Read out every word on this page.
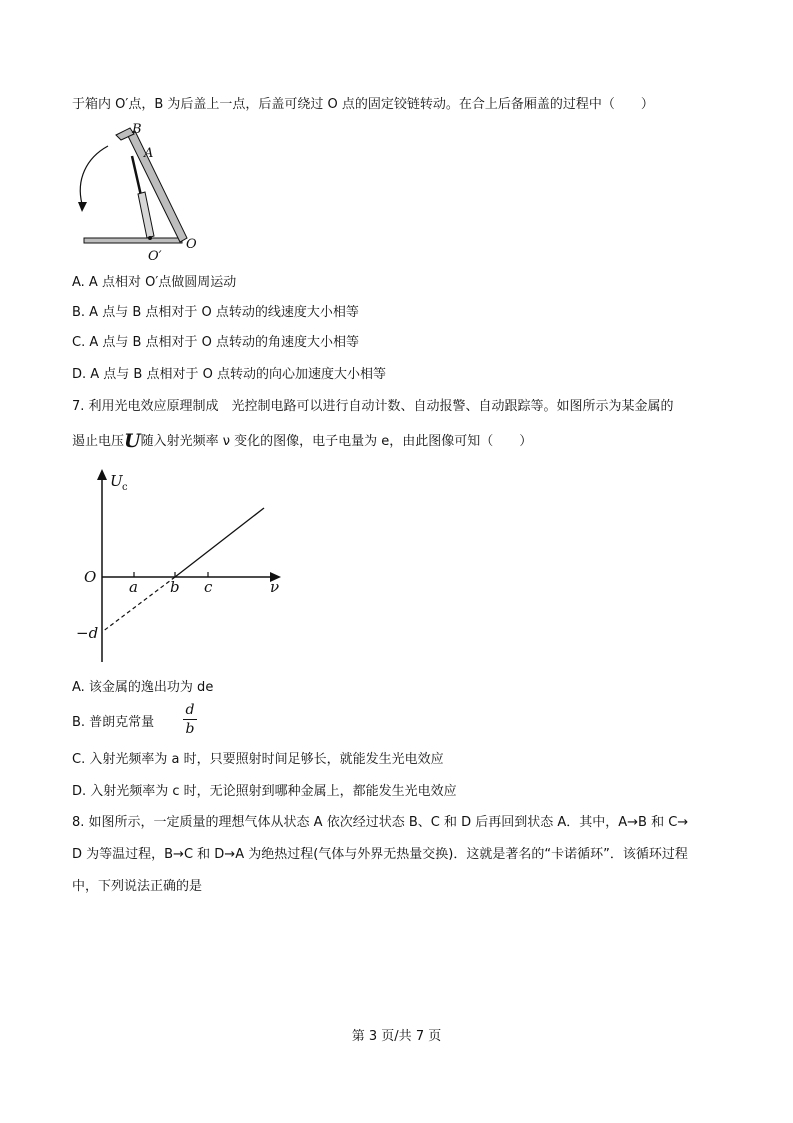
于箱内 O′点，B 为后盖上一点，后盖可绕过 O 点的固定铰链转动。在合上后备厢盖的过程中（　　）
B
A
O
O′
A. A 点相对 O′点做圆周运动
B. A 点与 B 点相对于 O 点转动的线速度大小相等
C. A 点与 B 点相对于 O 点转动的角速度大小相等
D. A 点与 B 点相对于 O 点转动的向心加速度大小相等
7. 利用光电效应原理制成　光控制电路可以进行自动计数、自动报警、自动跟踪等。如图所示为某金属的
遏止电压U随入射光频率 ν 变化的图像，电子电量为 e，由此图像可知（　　）
U c
ν
O
a b c
−d
A. 该金属的逸出功为 de
B. 普朗克常量
d
b
C. 入射光频率为 a 时，只要照射时间足够长，就能发生光电效应
D. 入射光频率为 c 时，无论照射到哪种金属上，都能发生光电效应
8. 如图所示，一定质量的理想气体从状态 A 依次经过状态 B、C 和 D 后再回到状态 A．其中，A→B 和 C→
D 为等温过程，B→C 和 D→A 为绝热过程(气体与外界无热量交换)．这就是著名的“卡诺循环”．该循环过程
中，下列说法正确的是
第 3 页/共 7 页
